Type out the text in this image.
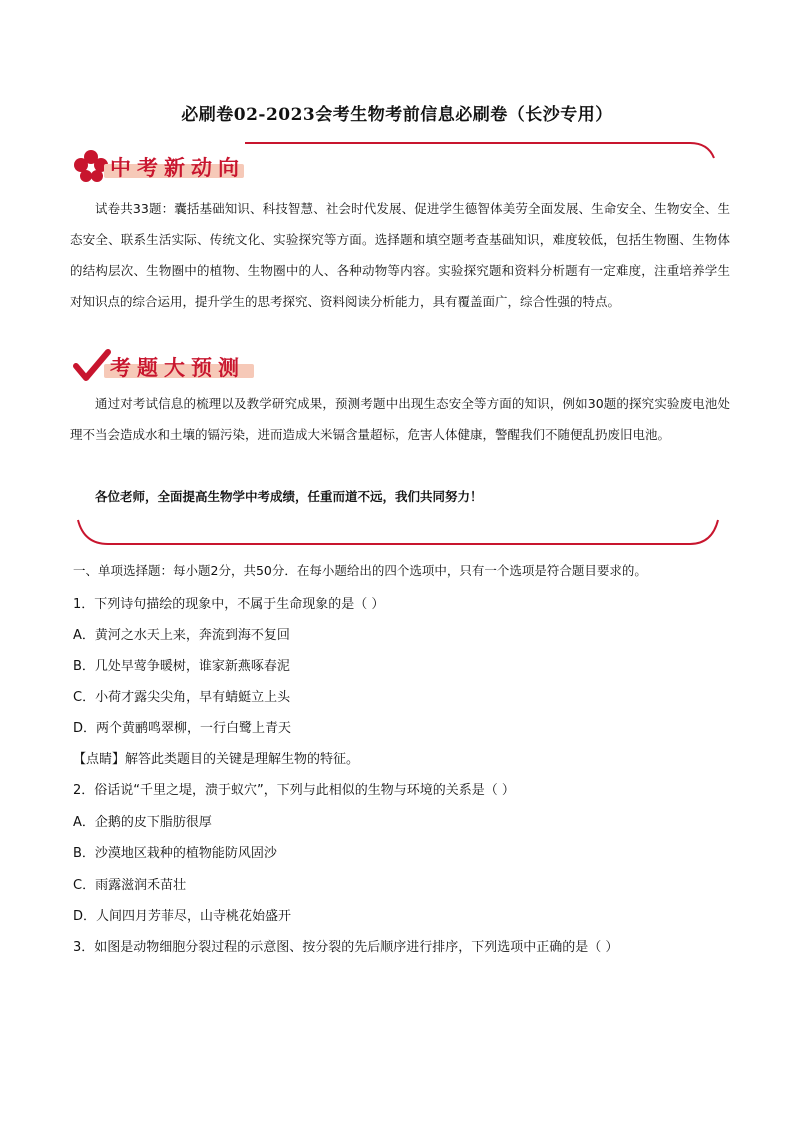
必刷卷02-2023会考生物考前信息必刷卷（长沙专用）
中考新动向

试卷共33题：囊括基础知识、科技智慧、社会时代发展、促进学生德智体美劳全面发展、生命安全、生物安全、生态安全、联系生活实际、传统文化、实验探究等方面。选择题和填空题考查基础知识，难度较低，包括生物圈、生物体的结构层次、生物圈中的植物、生物圈中的人、各种动物等内容。实验探究题和资料分析题有一定难度，注重培养学生对知识点的综合运用，提升学生的思考探究、资料阅读分析能力，具有覆盖面广，综合性强的特点。

考题大预测

通过对考试信息的梳理以及教学研究成果，预测考题中出现生态安全等方面的知识，例如30题的探究实验废电池处理不当会造成水和土壤的镉污染，进而造成大米镉含量超标，危害人体健康，警醒我们不随便乱扔废旧电池。

各位老师，全面提高生物学中考成绩，任重而道不远，我们共同努力！

一、单项选择题：每小题2分，共50分．在每小题给出的四个选项中，只有一个选项是符合题目要求的。

1．下列诗句描绘的现象中，不属于生命现象的是（ ）

A．黄河之水天上来，奔流到海不复回

B．几处早莺争暖树，谁家新燕啄春泥

C．小荷才露尖尖角，早有蜻蜓立上头

D．两个黄鹂鸣翠柳，一行白鹭上青天

【点睛】解答此类题目的关键是理解生物的特征。

2．俗话说“千里之堤，溃于蚁穴”，下列与此相似的生物与环境的关系是（ ）

A．企鹅的皮下脂肪很厚

B．沙漠地区栽种的植物能防风固沙

C．雨露滋润禾苗壮

D．人间四月芳菲尽，山寺桃花始盛开

3．如图是动物细胞分裂过程的示意图、按分裂的先后顺序进行排序，下列选项中正确的是（ ）
